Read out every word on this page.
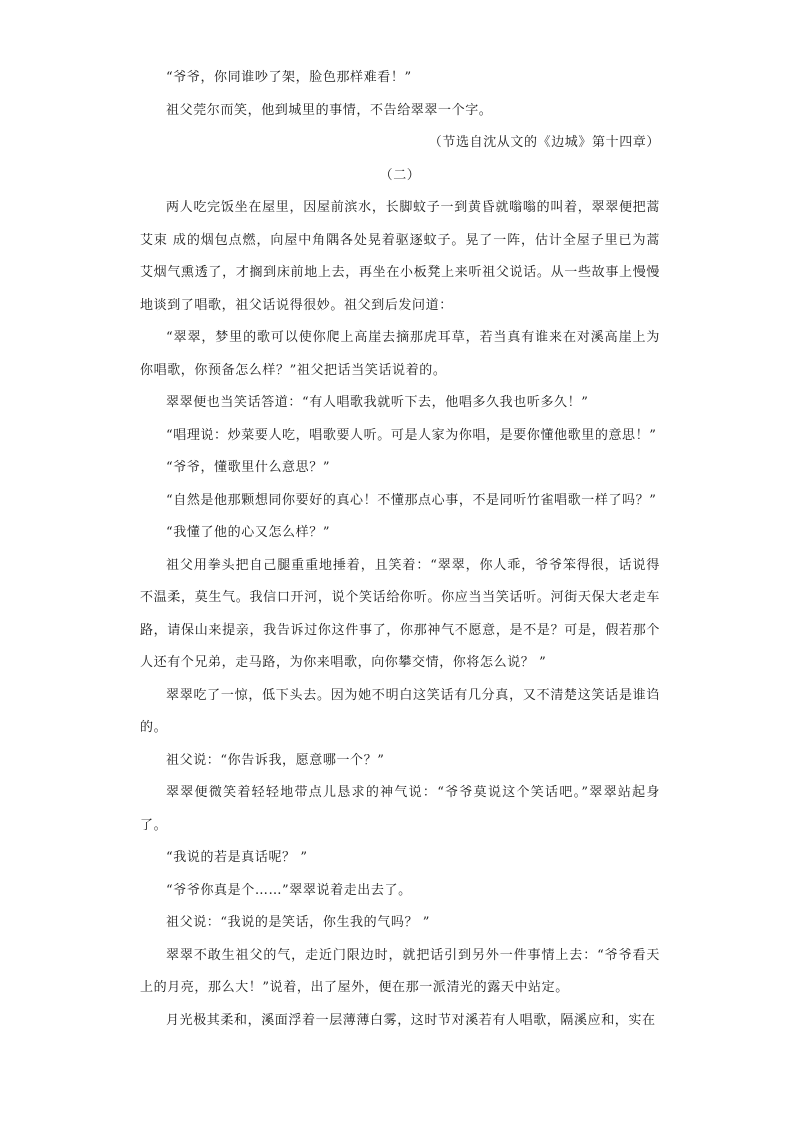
“爷爷，你同谁吵了架，脸色那样难看！”

祖父莞尔而笑，他到城里的事情，不告给翠翠一个字。

（节选自沈从文的《边城》第十四章）

（二）

两人吃完饭坐在屋里，因屋前滨水，长脚蚊子一到黄昏就嗡嗡的叫着，翠翠便把蒿艾束 成的烟包点燃，向屋中角隅各处晃着驱逐蚊子。晃了一阵，估计全屋子里已为蒿艾烟气熏透了，才搁到床前地上去，再坐在小板凳上来听祖父说话。从一些故事上慢慢地谈到了唱歌，祖父话说得很妙。祖父到后发问道：

“翠翠，梦里的歌可以使你爬上高崖去摘那虎耳草，若当真有谁来在对溪高崖上为你唱歌，你预备怎么样？”祖父把话当笑话说着的。

翠翠便也当笑话答道：“有人唱歌我就听下去，他唱多久我也听多久！”

“唱理说：炒菜要人吃，唱歌要人听。可是人家为你唱，是要你懂他歌里的意思！”

“爷爷，懂歌里什么意思？”

“自然是他那颗想同你要好的真心！不懂那点心事，不是同听竹雀唱歌一样了吗？”

“我懂了他的心又怎么样？”

祖父用拳头把自己腿重重地捶着，且笑着：“翠翠，你人乖，爷爷笨得很，话说得不温柔，莫生气。我信口开河，说个笑话给你听。你应当当笑话听。河街天保大老走车路，请保山来提亲，我告诉过你这件事了，你那神气不愿意，是不是？可是，假若那个人还有个兄弟，走马路，为你来唱歌，向你攀交情，你将怎么说？ ”

翠翠吃了一惊，低下头去。因为她不明白这笑话有几分真，又不清楚这笑话是谁诌的。

祖父说：“你告诉我，愿意哪一个？”

翠翠便微笑着轻轻地带点儿恳求的神气说：“爷爷莫说这个笑话吧。”翠翠站起身了。

“我说的若是真话呢？ ”

“爷爷你真是个……”翠翠说着走出去了。

祖父说：“我说的是笑话，你生我的气吗？ ”

翠翠不敢生祖父的气，走近门限边时，就把话引到另外一件事情上去：“爷爷看天上的月亮，那么大！”说着，出了屋外，便在那一派清光的露天中站定。

月光极其柔和，溪面浮着一层薄薄白雾，这时节对溪若有人唱歌，隔溪应和，实在
